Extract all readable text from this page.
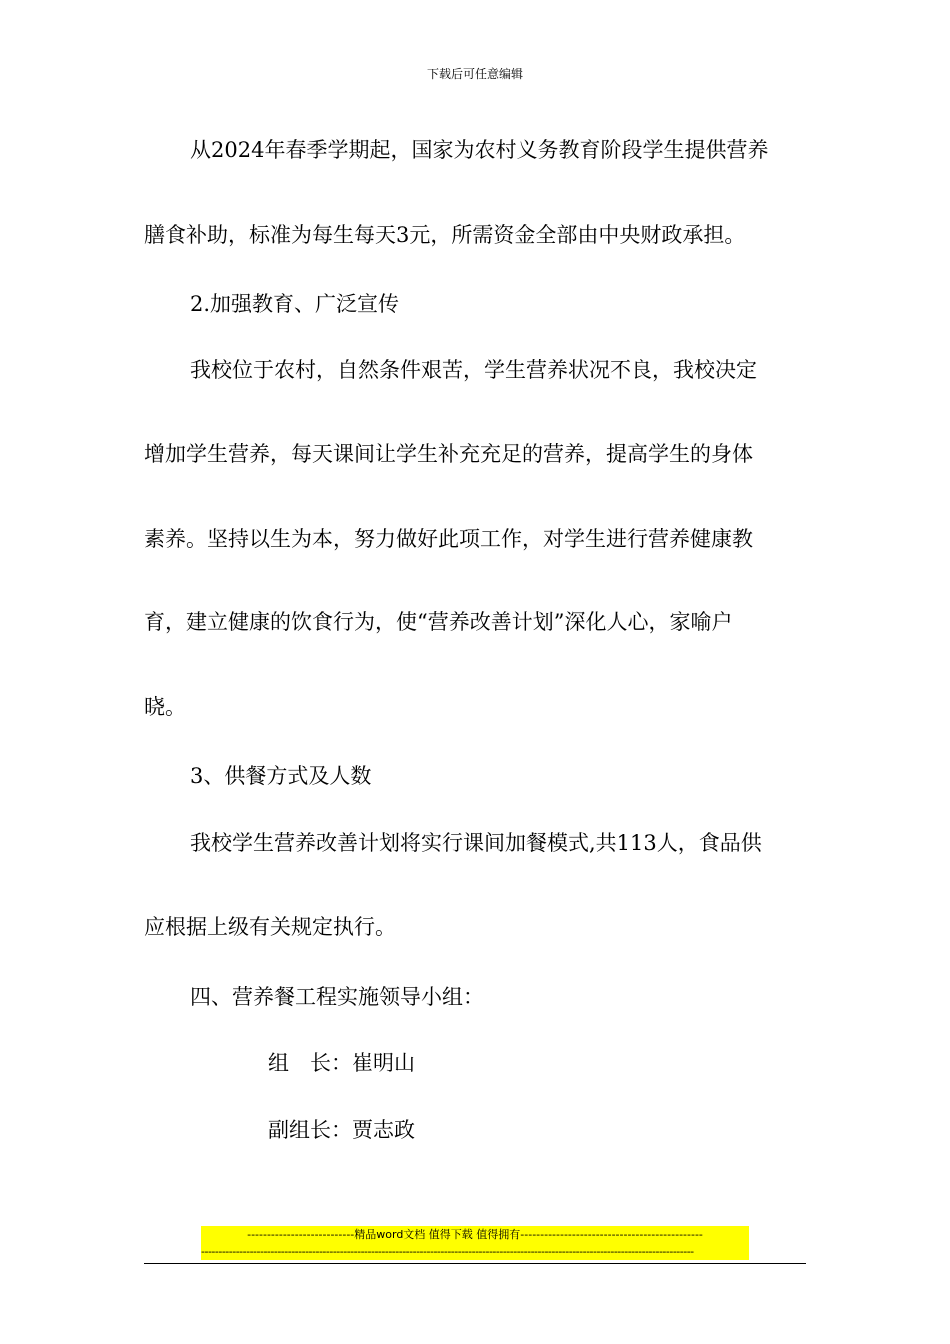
下载后可任意编辑
从2024年春季学期起，国家为农村义务教育阶段学生提供营养
膳食补助，标准为每生每天3元，所需资金全部由中央财政承担。
2.加强教育、广泛宣传
我校位于农村，自然条件艰苦，学生营养状况不良，我校决定
增加学生营养，每天课间让学生补充充足的营养，提高学生的身体
素养。坚持以生为本，努力做好此项工作，对学生进行营养健康教
育，建立健康的饮食行为，使“营养改善计划”深化人心，家喻户
晓。
3、供餐方式及人数
我校学生营养改善计划将实行课间加餐模式,共113人，食品供
应根据上级有关规定执行。
四、营养餐工程实施领导小组：
组　长：崔明山
副组长：贾志政
---------------------------精品word文档 值得下载 值得拥有----------------------------------------------
----------------------------------------------------------------------------------------------------------------------------------------------
